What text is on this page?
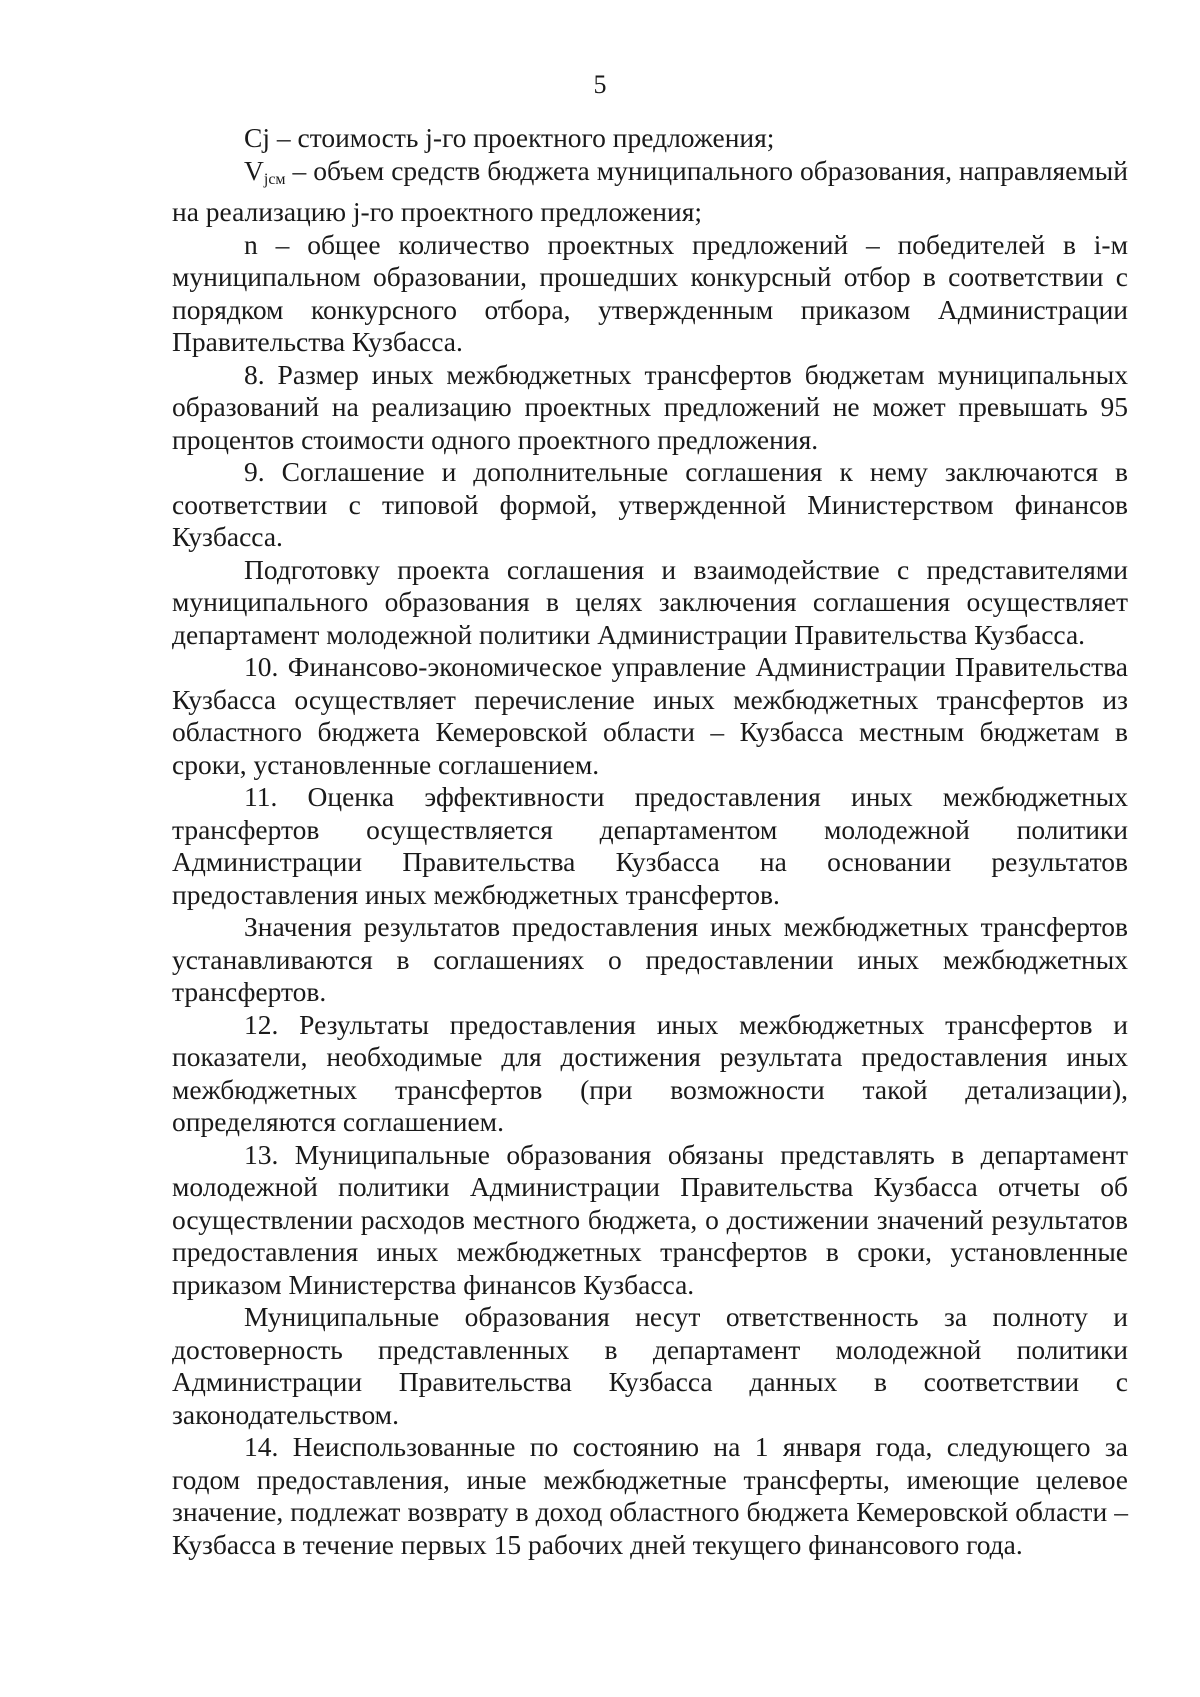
5

Cj – стоимость j-го проектного предложения;

$V_{jсм}$ – объем средств бюджета муниципального образования, направляемый на реализацию j-го проектного предложения;

n – общее количество проектных предложений – победителей в i-м муниципальном образовании, прошедших конкурсный отбор в соответствии с порядком конкурсного отбора, утвержденным приказом Администрации Правительства Кузбасса.

8. Размер иных межбюджетных трансфертов бюджетам муниципальных образований на реализацию проектных предложений не может превышать 95 процентов стоимости одного проектного предложения.

9. Соглашение и дополнительные соглашения к нему заключаются в соответствии с типовой формой, утвержденной Министерством финансов Кузбасса.

Подготовку проекта соглашения и взаимодействие с представителями муниципального образования в целях заключения соглашения осуществляет департамент молодежной политики Администрации Правительства Кузбасса.

10. Финансово-экономическое управление Администрации Правительства Кузбасса осуществляет перечисление иных межбюджетных трансфертов из областного бюджета Кемеровской области – Кузбасса местным бюджетам в сроки, установленные соглашением.

11. Оценка эффективности предоставления иных межбюджетных трансфертов осуществляется департаментом молодежной политики Администрации Правительства Кузбасса на основании результатов предоставления иных межбюджетных трансфертов.

Значения результатов предоставления иных межбюджетных трансфертов устанавливаются в соглашениях о предоставлении иных межбюджетных трансфертов.

12. Результаты предоставления иных межбюджетных трансфертов и показатели, необходимые для достижения результата предоставления иных межбюджетных трансфертов (при возможности такой детализации), определяются соглашением.

13. Муниципальные образования обязаны представлять в департамент молодежной политики Администрации Правительства Кузбасса отчеты об осуществлении расходов местного бюджета, о достижении значений результатов предоставления иных межбюджетных трансфертов в сроки, установленные приказом Министерства финансов Кузбасса.

Муниципальные образования несут ответственность за полноту и достоверность представленных в департамент молодежной политики Администрации Правительства Кузбасса данных в соответствии с законодательством.

14. Неиспользованные по состоянию на 1 января года, следующего за годом предоставления, иные межбюджетные трансферты, имеющие целевое значение, подлежат возврату в доход областного бюджета Кемеровской области – Кузбасса в течение первых 15 рабочих дней текущего финансового года.
